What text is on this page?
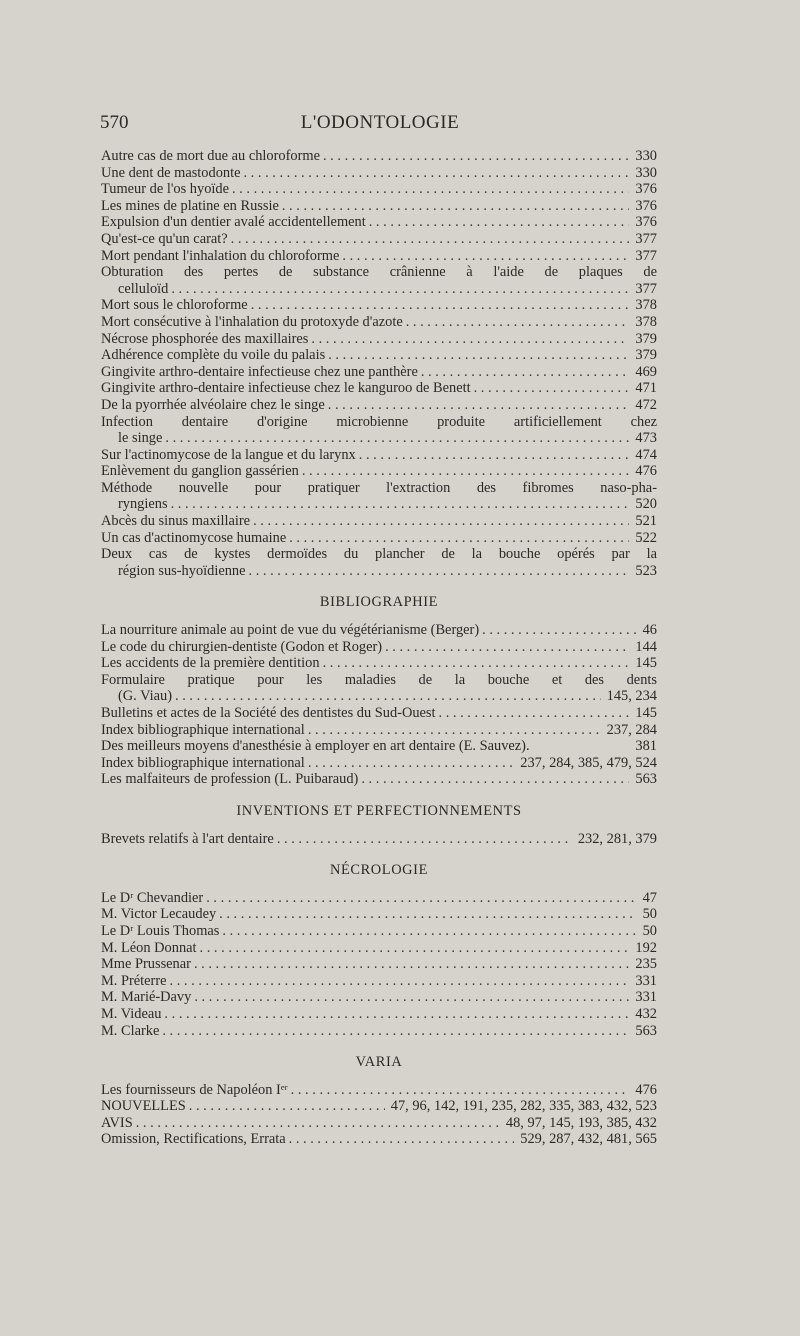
570	L'ODONTOLOGIE
Autre cas de mort due au chloroforme . . .	330
Une dent de mastodonte . . .	330
Tumeur de l'os hyoïde . . .	376
Les mines de platine en Russie . . .	376
Expulsion d'un dentier avalé accidentellement . . .	376
Qu'est-ce qu'un carat? . . .	377
Mort pendant l'inhalation du chloroforme . . .	377
Obturation des pertes de substance crânienne à l'aide de plaques de
celluloïd . . .	377
Mort sous le chloroforme . . .	378
Mort consécutive à l'inhalation du protoxyde d'azote . . .	378
Nécrose phosphorée des maxillaires . . .	379
Adhérence complète du voile du palais . . .	379
Gingivite arthro-dentaire infectieuse chez une panthère . . .	469
Gingivite arthro-dentaire infectieuse chez le kanguroo de Benett . . .	471
De la pyorrhée alvéolaire chez le singe . . .	472
Infection dentaire d'origine microbienne produite artificiellement chez
le singe . . .	473
Sur l'actinomycose de la langue et du larynx . . .	474
Enlèvement du ganglion gassérien . . .	476
Méthode nouvelle pour pratiquer l'extraction des fibromes naso-pha-
ryngiens . . .	520
Abcès du sinus maxillaire . . .	521
Un cas d'actinomycose humaine . . .	522
Deux cas de kystes dermoïdes du plancher de la bouche opérés par la
région sus-hyoïdienne . . .	523
BIBLIOGRAPHIE
La nourriture animale au point de vue du végétérianisme (Berger) . . .	46
Le code du chirurgien-dentiste (Godon et Roger) . . .	144
Les accidents de la première dentition . . .	145
Formulaire pratique pour les maladies de la bouche et des dents
(G. Viau) . . .	145, 234
Bulletins et actes de la Société des dentistes du Sud-Ouest . . .	145
Index bibliographique international . . .	237, 284
Des meilleurs moyens d'anesthésie à employer en art dentaire (E. Sauvez).	381
Index bibliographique international . . .	237, 284, 385, 479, 524
Les malfaiteurs de profession (L. Puibaraud) . . .	563
INVENTIONS ET PERFECTIONNEMENTS
Brevets relatifs à l'art dentaire . . .	232, 281, 379
NÉCROLOGIE
Le Dʳ Chevandier . . .	47
M. Victor Lecaudey . . .	50
Le Dʳ Louis Thomas . . .	50
M. Léon Donnat . . .	192
Mme Prussenar . . .	235
M. Préterre . . .	331
M. Marié-Davy . . .	331
M. Videau . . .	432
M. Clarke . . .	563
VARIA
Les fournisseurs de Napoléon Iᵉʳ . . .	476
NOUVELLES . . .	47, 96, 142, 191, 235, 282, 335, 383, 432, 523
AVIS . . .	48, 97, 145, 193, 385, 432
Omission, Rectifications, Errata . . .	529, 287, 432, 481, 565
